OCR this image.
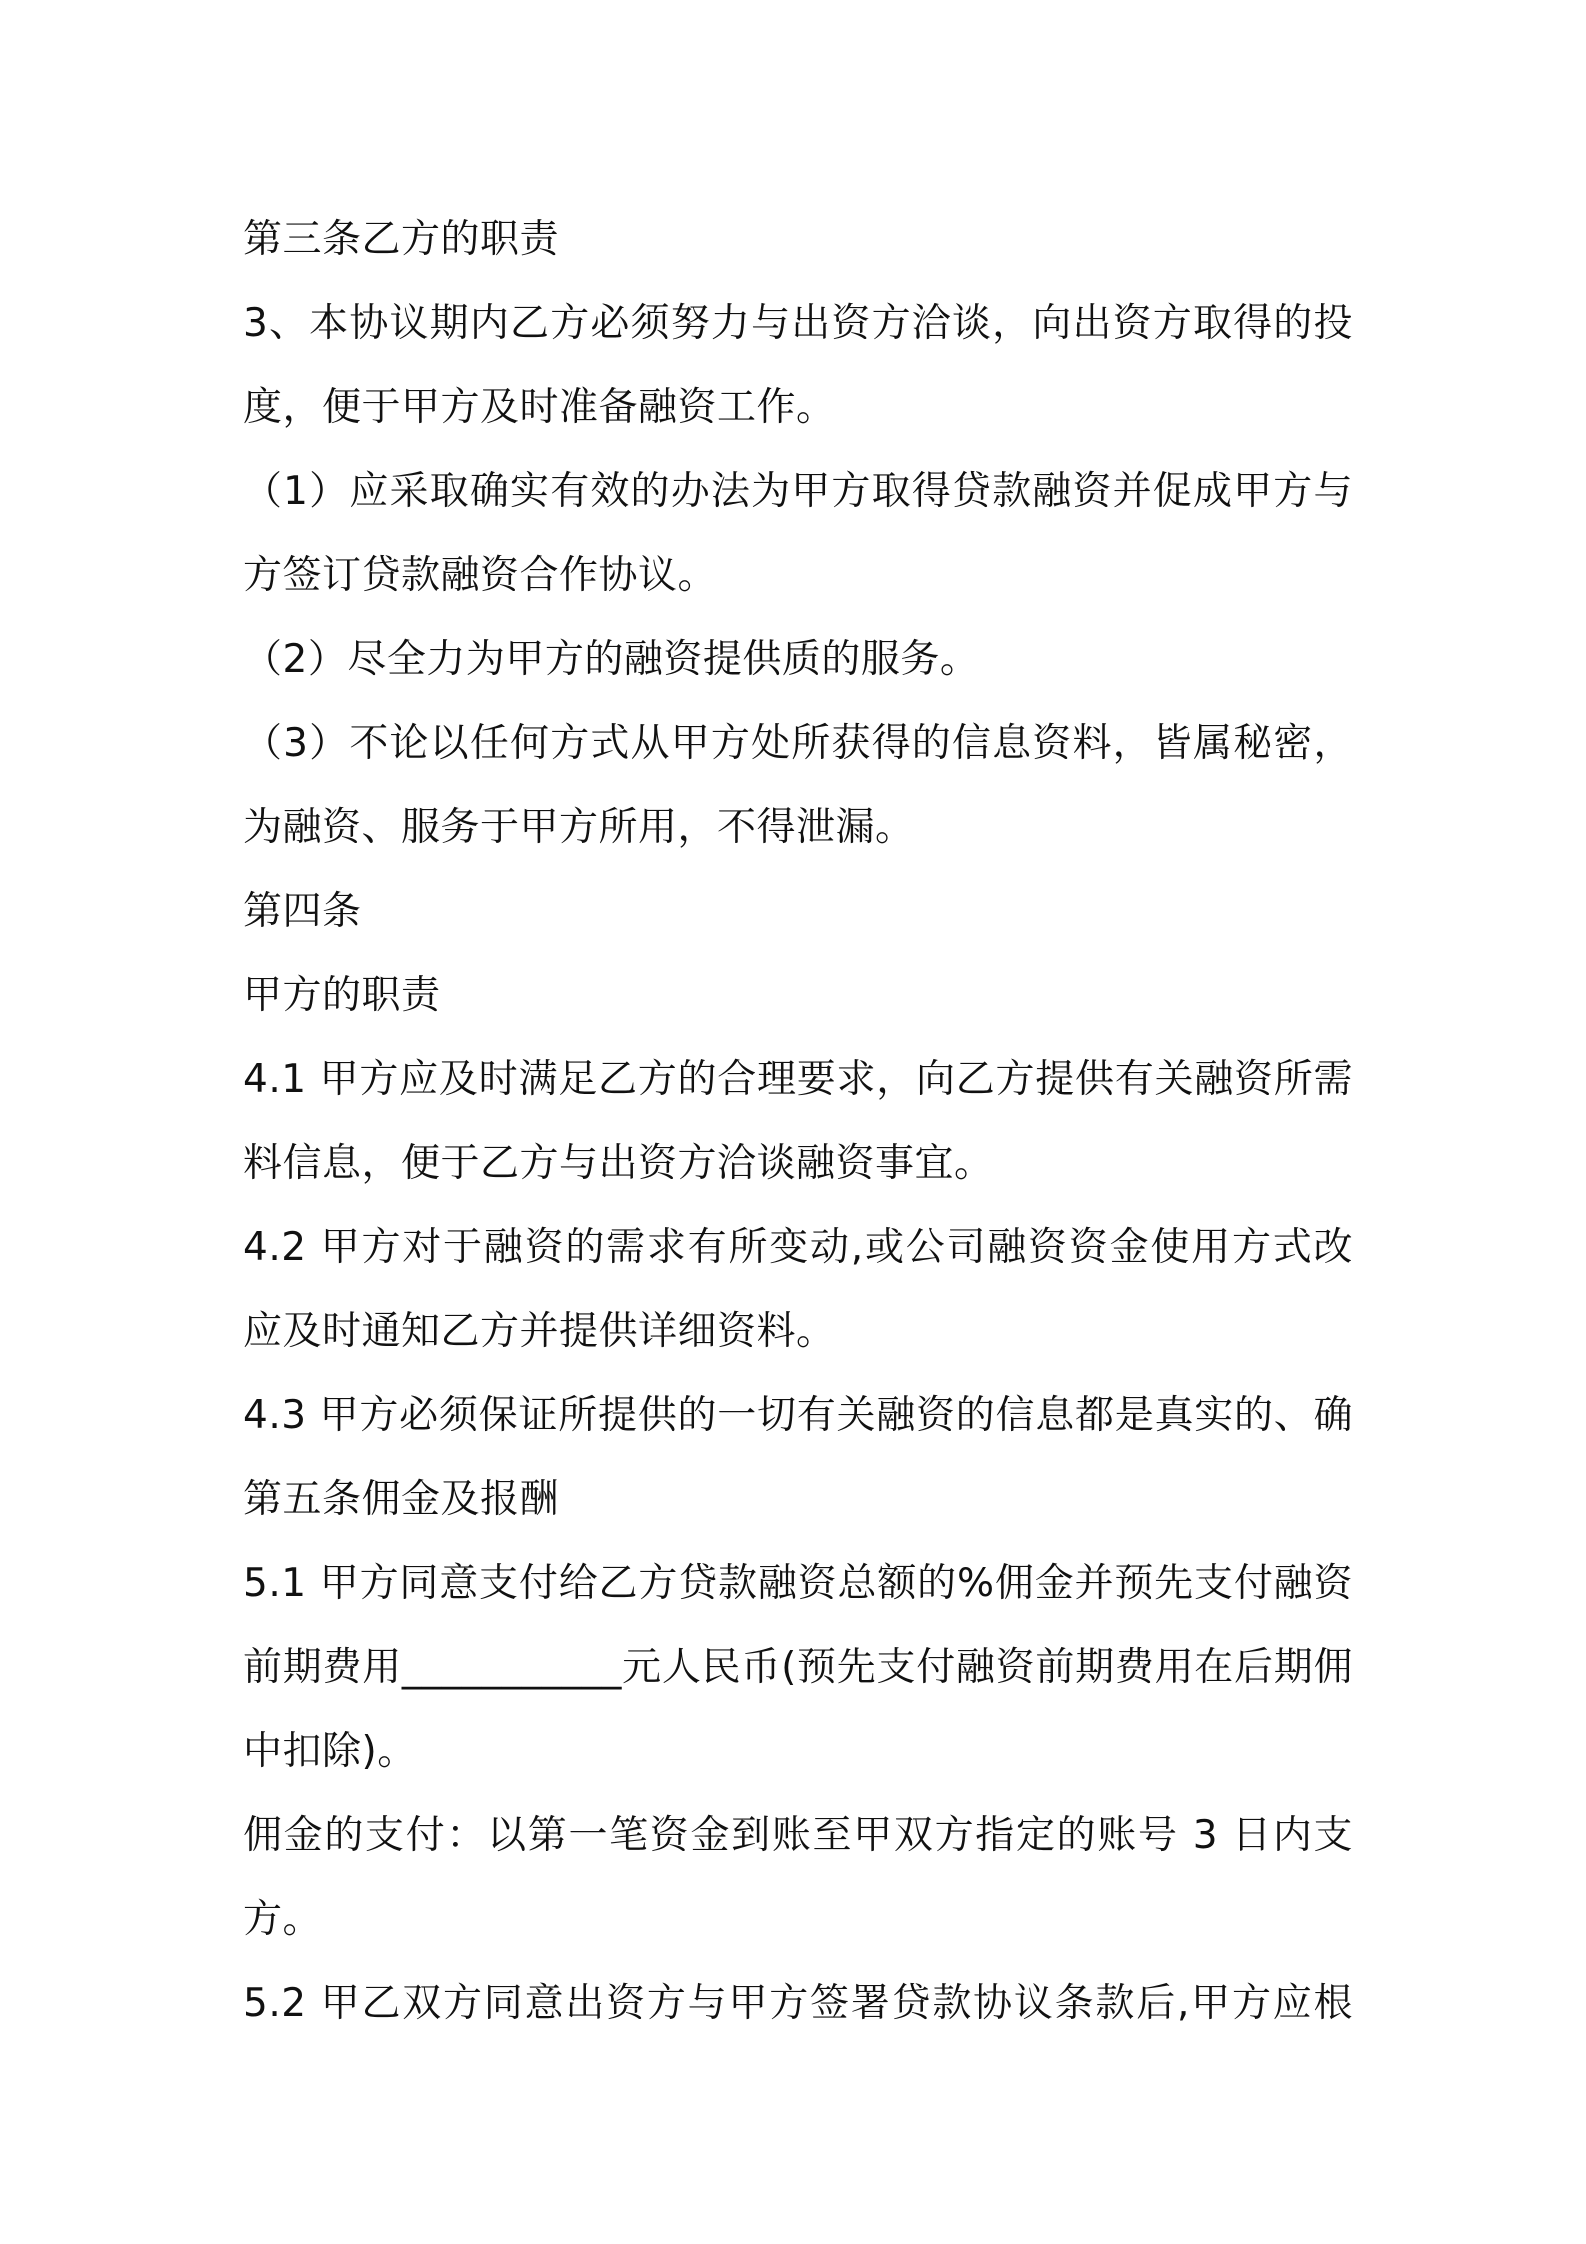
第三条乙方的职责
3、本协议期内乙方必须努力与出资方洽谈，向出资方取得的投
度，便于甲方及时准备融资工作。
（1）应采取确实有效的办法为甲方取得贷款融资并促成甲方与
方签订贷款融资合作协议。
（2）尽全力为甲方的融资提供质的服务。
（3）不论以任何方式从甲方处所获得的信息资料，皆属秘密，
为融资、服务于甲方所用，不得泄漏。
第四条
甲方的职责
4.1 甲方应及时满足乙方的合理要求，向乙方提供有关融资所需
料信息，便于乙方与出资方洽谈融资事宜。
4.2 甲方对于融资的需求有所变动,或公司融资资金使用方式改
应及时通知乙方并提供详细资料。
4.3 甲方必须保证所提供的一切有关融资的信息都是真实的、确
第五条佣金及报酬
5.1 甲方同意支付给乙方贷款融资总额的%佣金并预先支付融资
前期费用___________元人民币(预先支付融资前期费用在后期佣
中扣除)。
佣金的支付：以第一笔资金到账至甲双方指定的账号 3 日内支
方。
5.2 甲乙双方同意出资方与甲方签署贷款协议条款后,甲方应根
